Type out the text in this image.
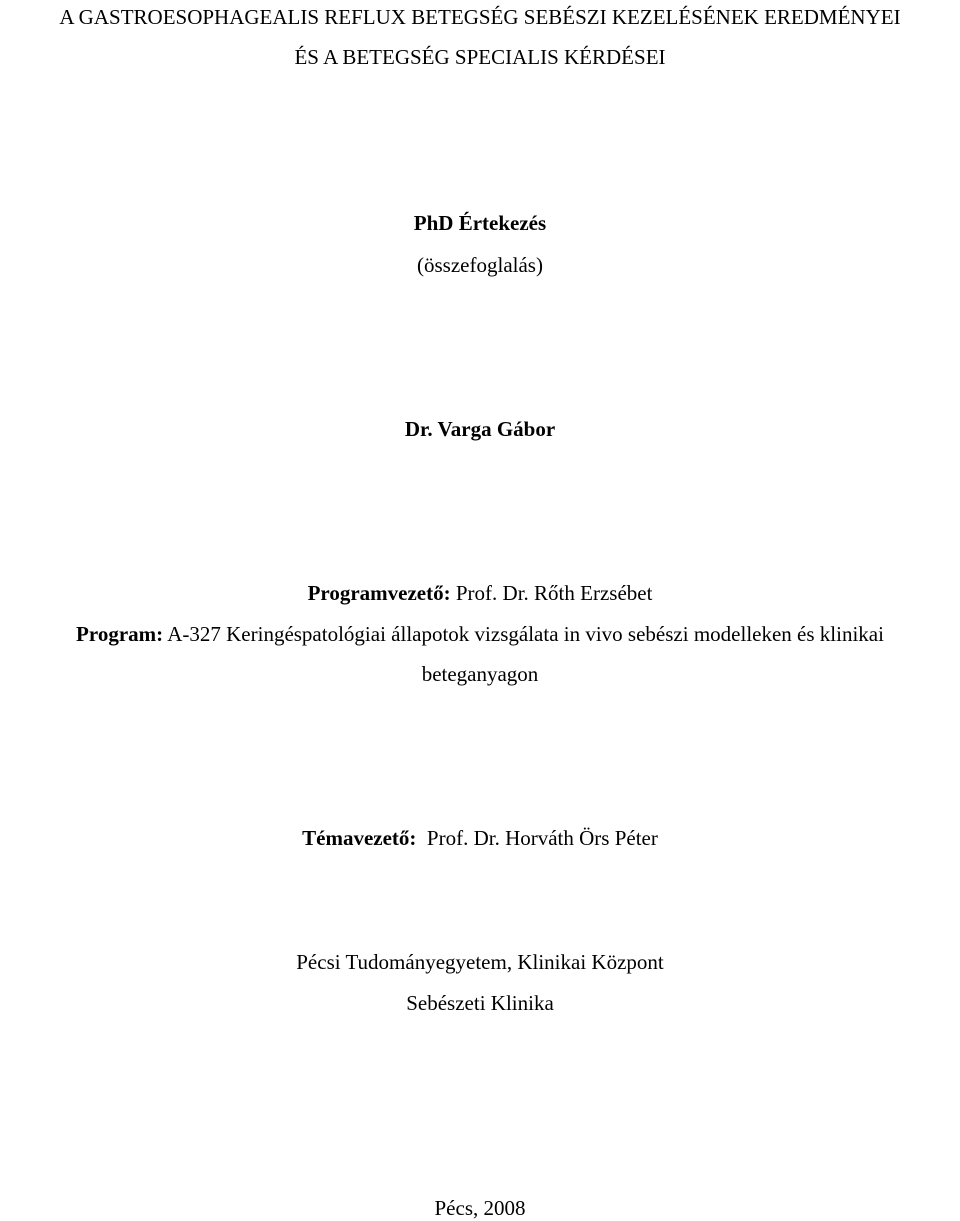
A GASTROESOPHAGEALIS REFLUX BETEGSÉG SEBÉSZI KEZELÉSÉNEK EREDMÉNYEI
ÉS A BETEGSÉG SPECIALIS KÉRDÉSEI
PhD Értekezés
(összefoglalás)
Dr. Varga Gábor
Programvezető: Prof. Dr. Rőth Erzsébet
Program: A-327 Keringéspatológiai állapotok vizsgálata in vivo sebészi modelleken és klinikai
beteganyagon
Témavezető:  Prof. Dr. Horváth Örs Péter
Pécsi Tudományegyetem, Klinikai Központ
Sebészeti Klinika
Pécs, 2008
